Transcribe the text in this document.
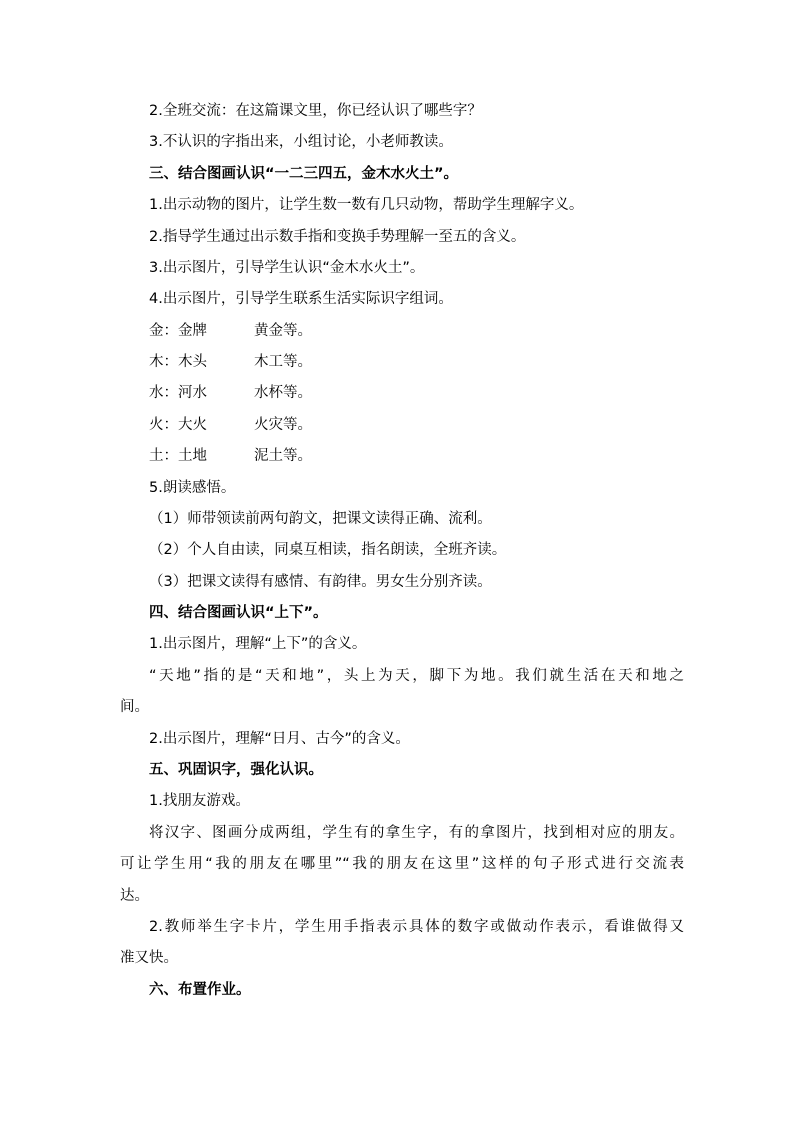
2.全班交流：在这篇课文里，你已经认识了哪些字？

3.不认识的字指出来，小组讨论，小老师教读。

三、结合图画认识“一二三四五，金木水火土”。

1.出示动物的图片，让学生数一数有几只动物，帮助学生理解字义。

2.指导学生通过出示数手指和变换手势理解一至五的含义。

3.出示图片，引导学生认识“金木水火土”。

4.出示图片，引导学生联系生活实际识字组词。

金：金牌	黄金等。

木：木头	木工等。

水：河水	水杯等。

火：大火	火灾等。

土：土地	泥土等。

5.朗读感悟。

（1）师带领读前两句韵文，把课文读得正确、流利。

（2）个人自由读，同桌互相读，指名朗读，全班齐读。

（3）把课文读得有感情、有韵律。男女生分别齐读。

四、结合图画认识“上下”。

1.出示图片，理解“上下”的含义。

“天地”指的是“天和地”，头上为天，脚下为地。我们就生活在天和地之

间。

2.出示图片，理解“日月、古今”的含义。

五、巩固识字，强化认识。

1.找朋友游戏。

将汉字、图画分成两组，学生有的拿生字，有的拿图片，找到相对应的朋友。

可让学生用“我的朋友在哪里”“我的朋友在这里”这样的句子形式进行交流表

达。

2.教师举生字卡片，学生用手指表示具体的数字或做动作表示，看谁做得又

准又快。

六、布置作业。
